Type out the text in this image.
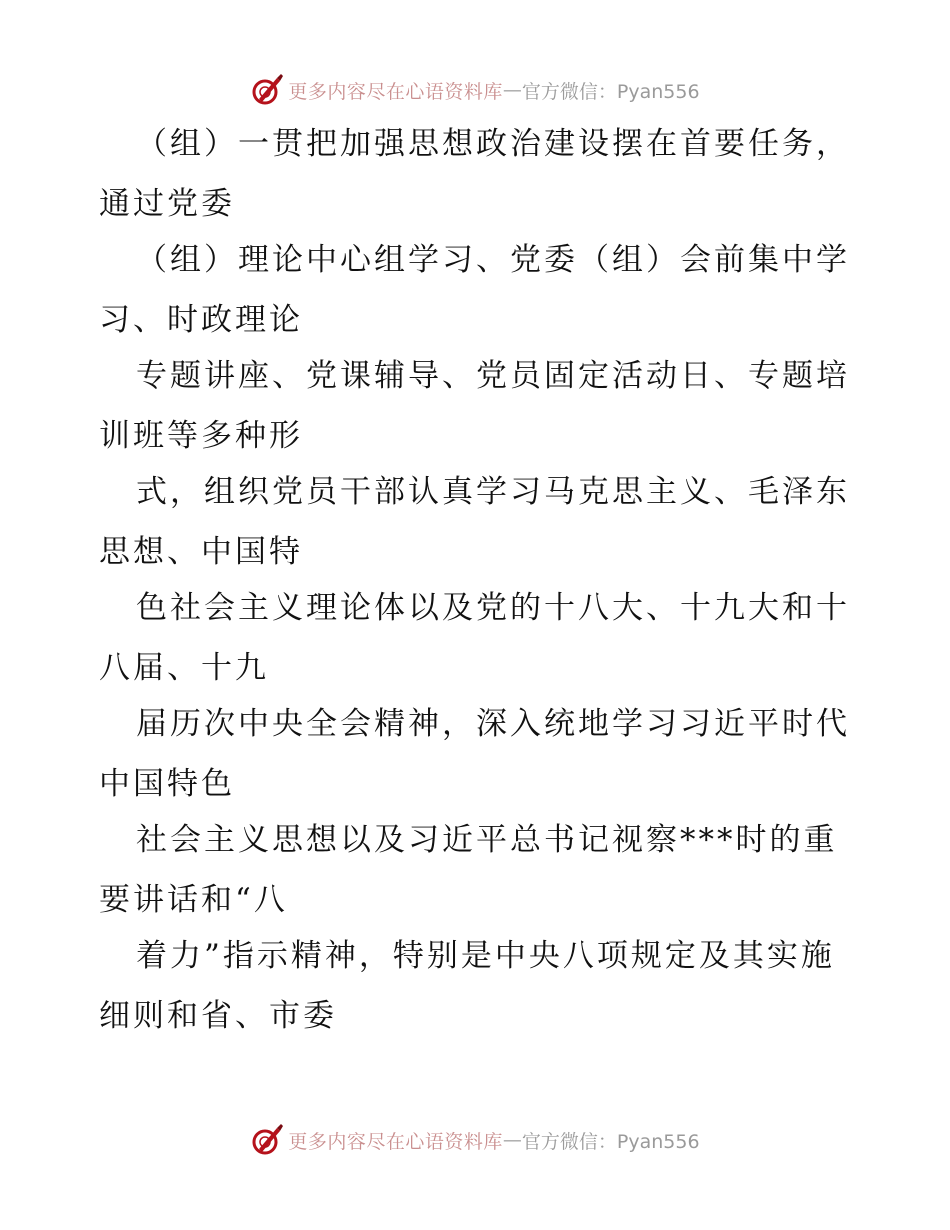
更多内容尽在心语资料库 — 官方微信：Pyan556
（组）一贯把加强思想政治建设摆在首要任务，
通过党委
（组）理论中心组学习、党委（组）会前集中学
习、时政理论
专题讲座、党课辅导、党员固定活动日、专题培
训班等多种形
式，组织党员干部认真学习马克思主义、毛泽东
思想、中国特
色社会主义理论体以及党的十八大、十九大和十
八届、十九
届历次中央全会精神，深入统地学习习近平时代
中国特色
社会主义思想以及习近平总书记视察***时的重
要讲话和“八
着力”指示精神，特别是中央八项规定及其实施
细则和省、市委
更多内容尽在心语资料库 — 官方微信：Pyan556
